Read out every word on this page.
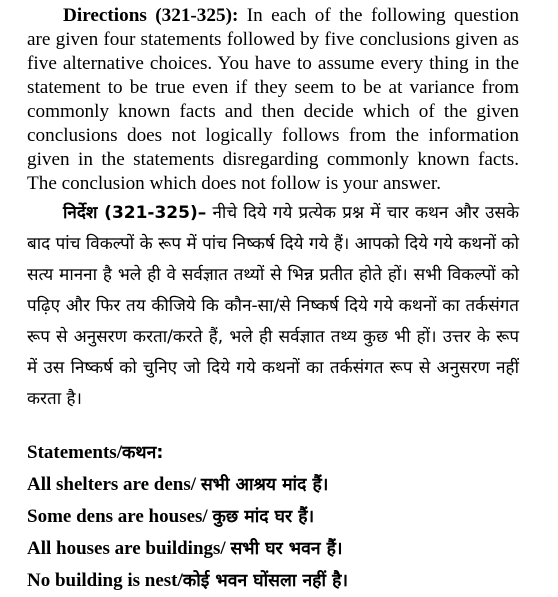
Directions (321-325): In each of the following question are given four statements followed by five conclusions given as five alternative choices. You have to assume every thing in the statement to be true even if they seem to be at variance from commonly known facts and then decide which of the given conclusions does not logically follows from the information given in the statements disregarding commonly known facts. The conclusion which does not follow is your answer.

निर्देश (321-325)– नीचे दिये गये प्रत्येक प्रश्न में चार कथन और उसके बाद पांच विकल्पों के रूप में पांच निष्कर्ष दिये गये हैं। आपको दिये गये कथनों को सत्य मानना है भले ही वे सर्वज्ञात तथ्यों से भिन्न प्रतीत होते हों। सभी विकल्पों को पढ़िए और फिर तय कीजिये कि कौन-सा/से निष्कर्ष दिये गये कथनों का तर्कसंगत रूप से अनुसरण करता/करते हैं, भले ही सर्वज्ञात तथ्य कुछ भी हों। उत्तर के रूप में उस निष्कर्ष को चुनिए जो दिये गये कथनों का तर्कसंगत रूप से अनुसरण नहीं करता है।

Statements/कथन:
All shelters are dens/ सभी आश्रय मांद हैं।
Some dens are houses/ कुछ मांद घर हैं।
All houses are buildings/ सभी घर भवन हैं।
No building is nest/कोई भवन घोंसला नहीं है।
